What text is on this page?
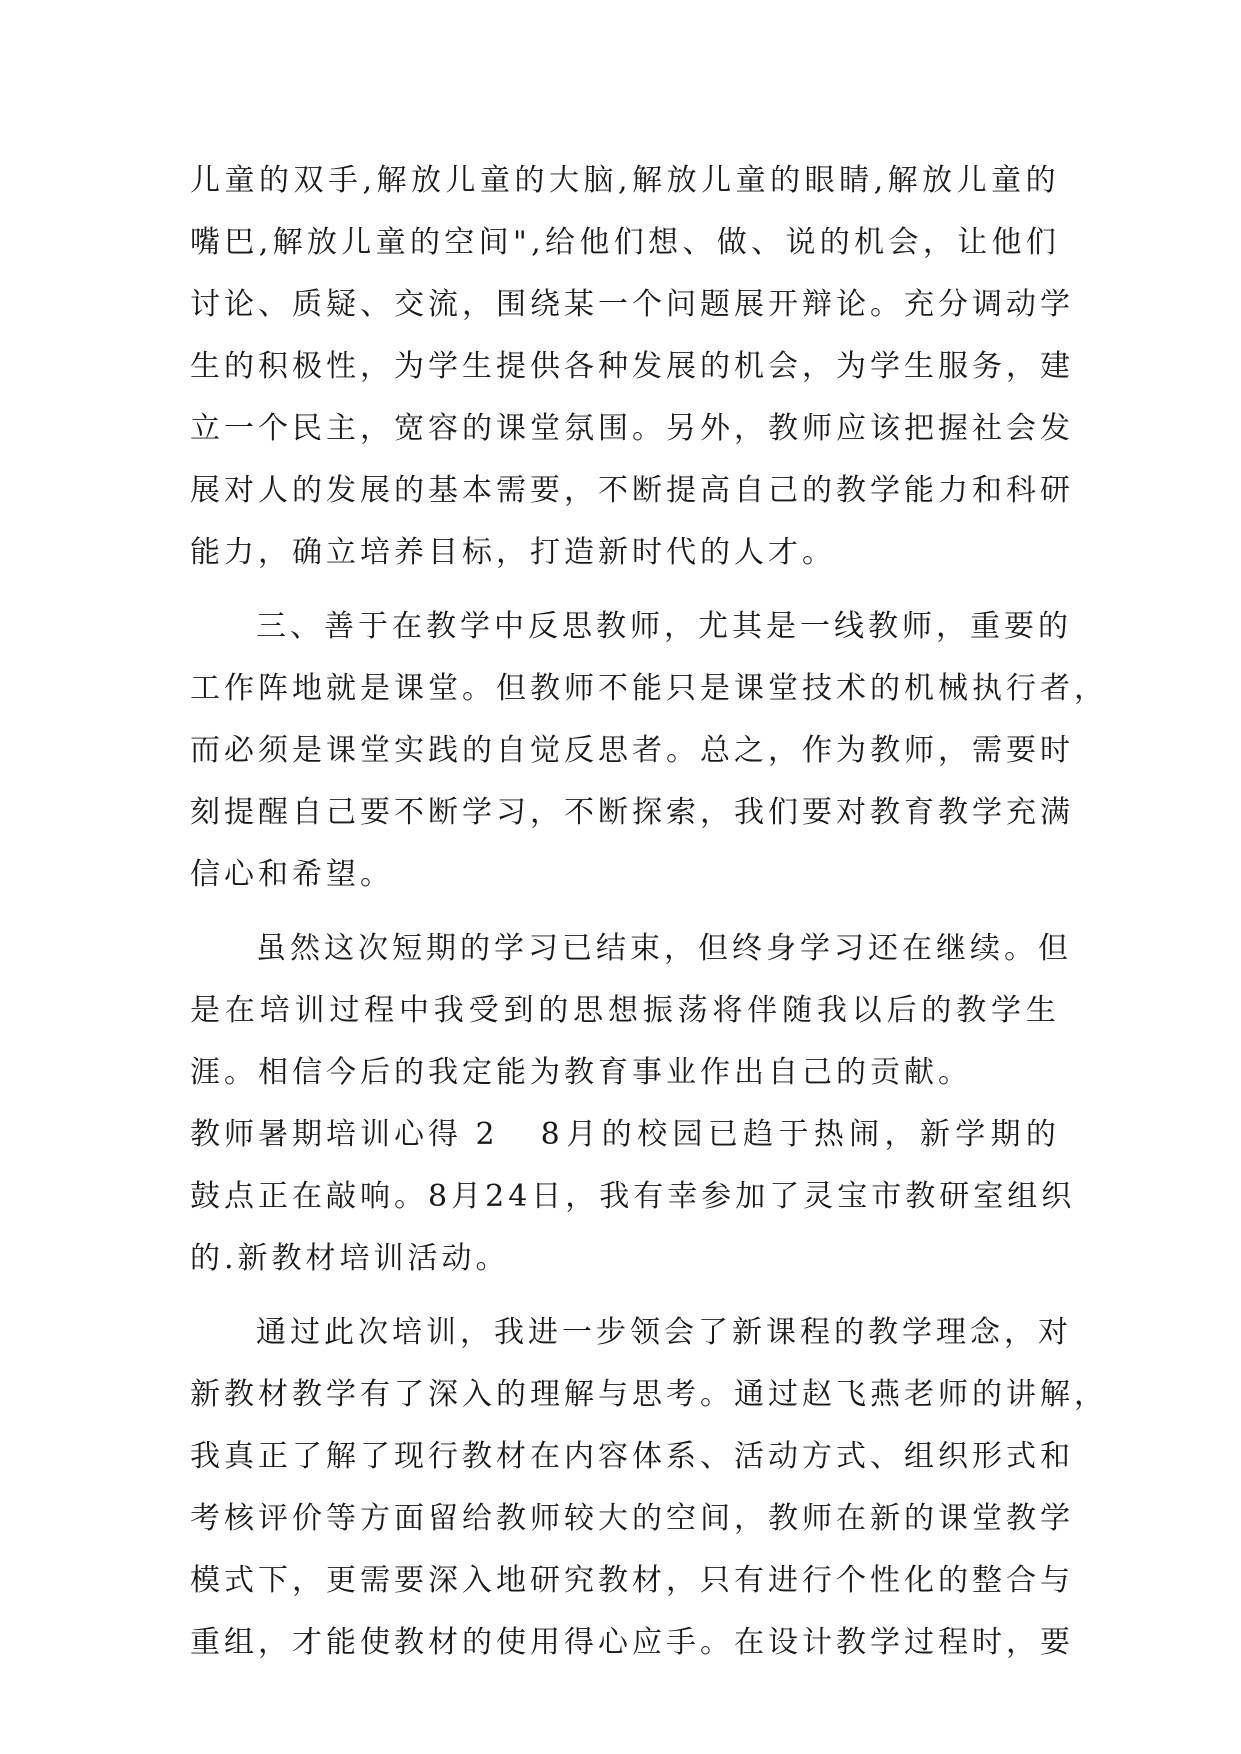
儿 童 的 双 手 , 解 放 儿 童 的 大 脑 , 解 放 儿 童 的 眼 睛 , 解 放 儿 童 的
嘴 巴 , 解 放 儿 童 的 空 间 " , 给 他 们 想 、 做 、 说 的 机 会 ， 让 他 们
讨 论 、 质 疑 、 交 流 ， 围 绕 某 一 个 问 题 展 开 辩 论 。 充 分 调 动 学
生 的 积 极 性 ， 为 学 生 提 供 各 种 发 展 的 机 会 ， 为 学 生 服 务 ， 建
立 一 个 民 主 ， 宽 容 的 课 堂 氛 围 。 另 外 ， 教 师 应 该 把 握 社 会 发
展 对 人 的 发 展 的 基 本 需 要 ， 不 断 提 高 自 己 的 教 学 能 力 和 科 研
能力，确立培养目标，打造新时代的人才。
三 、 善 于 在 教 学 中 反 思 教 师 ， 尤 其 是 一 线 教 师 ， 重 要 的
工 作 阵 地 就 是 课 堂 。 但 教 师 不 能 只 是 课 堂 技 术 的 机 械 执 行 者 ，
而 必 须 是 课 堂 实 践 的 自 觉 反 思 者 。 总 之 ， 作 为 教 师 ， 需 要 时
刻 提 醒 自 己 要 不 断 学 习 ， 不 断 探 索 ， 我 们 要 对 教 育 教 学 充 满
信心和希望。
虽 然 这 次 短 期 的 学 习 已 结 束 ， 但 终 身 学 习 还 在 继 续 。 但
是 在 培 训 过 程 中 我 受 到 的 思 想 振 荡 将 伴 随 我 以 后 的 教 学 生
涯。相信今后的我定能为教育事业作出自己的贡献。
教师暑期培训心得 2 8 月 的 校 园 已 趋 于 热 闹 ， 新 学 期 的
鼓 点 正 在 敲 响 。 8 月 2 4 日 ， 我 有 幸 参 加 了 灵 宝 市 教 研 室 组 织
的.新教材培训活动。
通 过 此 次 培 训 ， 我 进 一 步 领 会 了 新 课 程 的 教 学 理 念 ， 对
新 教 材 教 学 有 了 深 入 的 理 解 与 思 考 。 通 过 赵 飞 燕 老 师 的 讲 解 ，
我 真 正 了 解 了 现 行 教 材 在 内 容 体 系 、 活 动 方 式 、 组 织 形 式 和
考 核 评 价 等 方 面 留 给 教 师 较 大 的 空 间 ， 教 师 在 新 的 课 堂 教 学
模 式 下 ， 更 需 要 深 入 地 研 究 教 材 ， 只 有 进 行 个 性 化 的 整 合 与
重 组 ， 才 能 使 教 材 的 使 用 得 心 应 手 。 在 设 计 教 学 过 程 时 ， 要
